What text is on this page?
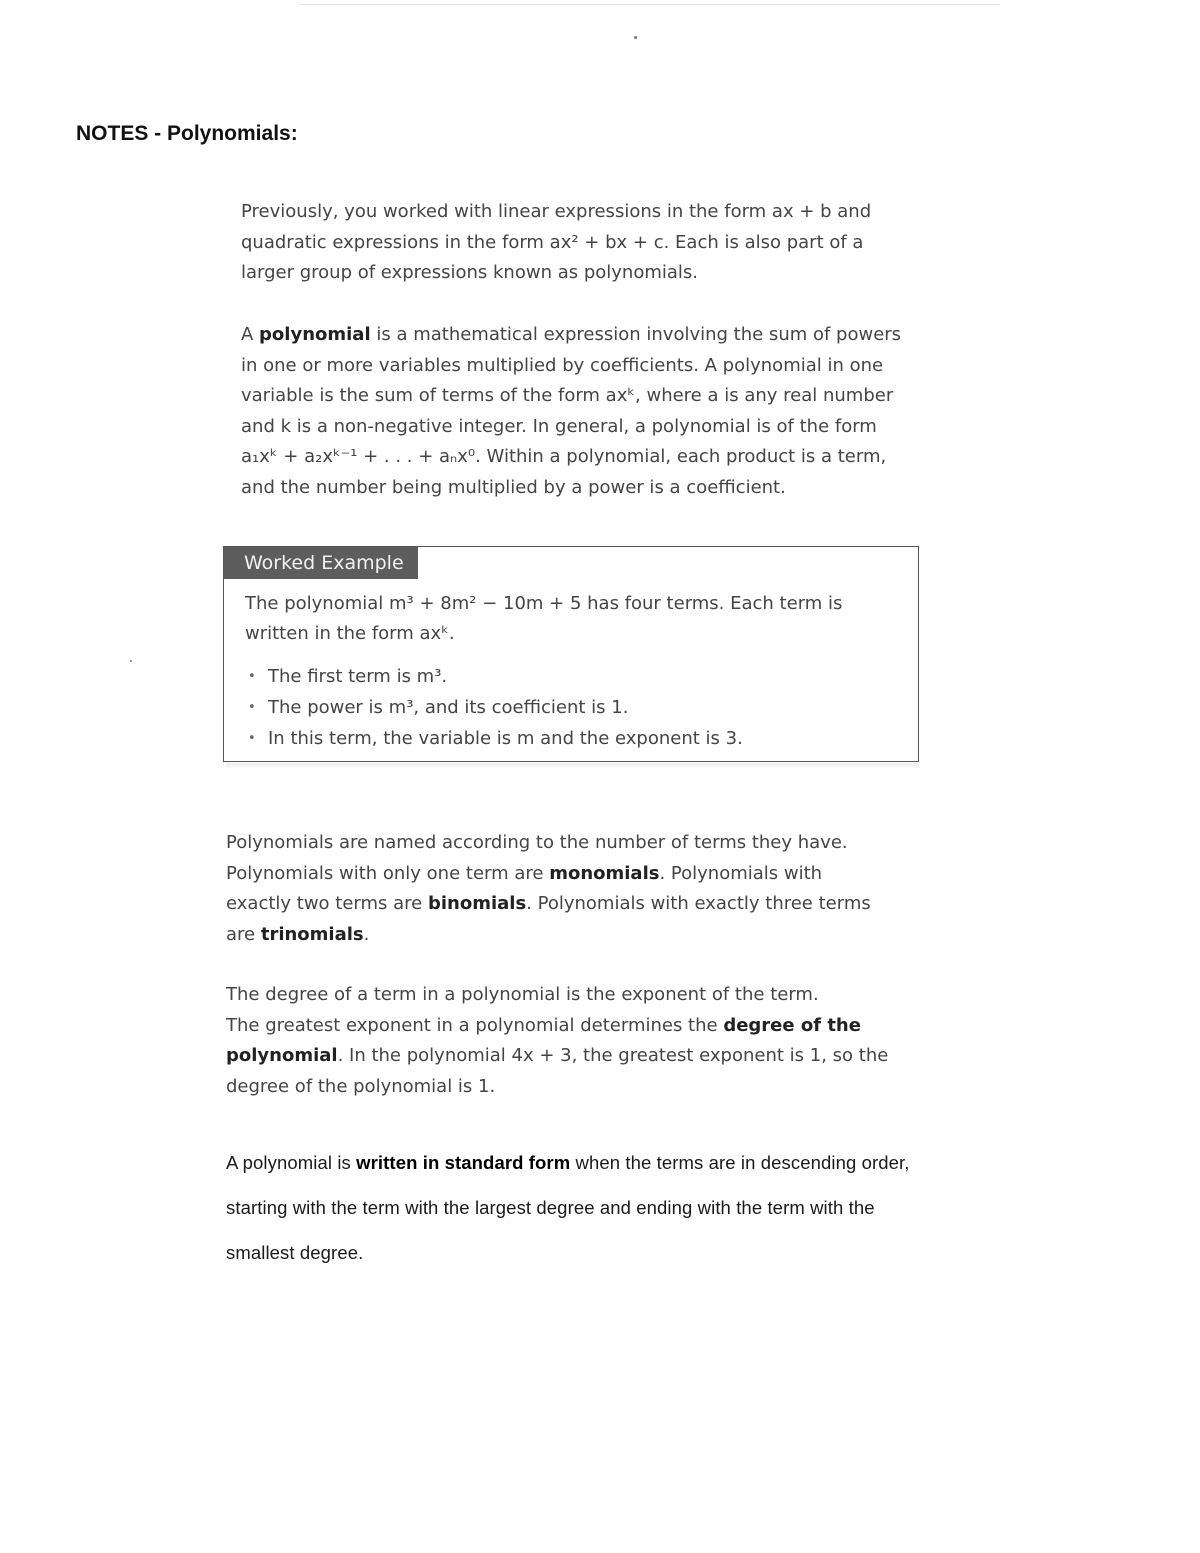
NOTES - Polynomials:
Previously, you worked with linear expressions in the form ax + b and
quadratic expressions in the form ax² + bx + c. Each is also part of a
larger group of expressions known as polynomials.
A polynomial is a mathematical expression involving the sum of powers
in one or more variables multiplied by coefficients. A polynomial in one
variable is the sum of terms of the form axᵏ, where a is any real number
and k is a non-negative integer. In general, a polynomial is of the form
a₁xᵏ + a₂xᵏ⁻¹ + . . . + aₙx⁰. Within a polynomial, each product is a term,
and the number being multiplied by a power is a coefficient.
Worked Example
The polynomial m³ + 8m² − 10m + 5 has four terms. Each term is
written in the form axᵏ.
• The first term is m³.
• The power is m³, and its coefficient is 1.
• In this term, the variable is m and the exponent is 3.
Polynomials are named according to the number of terms they have.
Polynomials with only one term are monomials. Polynomials with
exactly two terms are binomials. Polynomials with exactly three terms
are trinomials.
The degree of a term in a polynomial is the exponent of the term.
The greatest exponent in a polynomial determines the degree of the
polynomial. In the polynomial 4x + 3, the greatest exponent is 1, so the
degree of the polynomial is 1.
A polynomial is written in standard form when the terms are in descending order,
starting with the term with the largest degree and ending with the term with the
smallest degree.
